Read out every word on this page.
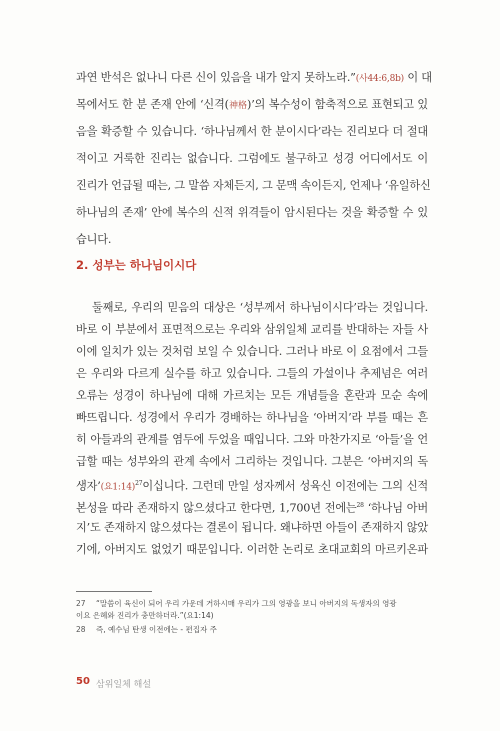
과연 반석은 없나니 다른 신이 있음을 내가 알지 못하노라.”(사44:6,8b) 이 대
목에서도 한 분 존재 안에 ‘신격(神格)’의 복수성이 함축적으로 표현되고 있
음을 확증할 수 있습니다. ‘하나님께서 한 분이시다’라는 진리보다 더 절대
적이고 거룩한 진리는 없습니다. 그럼에도 불구하고 성경 어디에서도 이
진리가 언급될 때는, 그 말씀 자체든지, 그 문맥 속이든지, 언제나 ‘유일하신
하나님의 존재’ 안에 복수의 신적 위격들이 암시된다는 것을 확증할 수 있
습니다.
2. 성부는 하나님이시다
둘째로, 우리의 믿음의 대상은 ‘성부께서 하나님이시다’라는 것입니다.
바로 이 부분에서 표면적으로는 우리와 삼위일체 교리를 반대하는 자들 사
이에 일치가 있는 것처럼 보일 수 있습니다. 그러나 바로 이 요점에서 그들
은 우리와 다르게 실수를 하고 있습니다. 그들의 가설이나 추제넘은 여러
오류는 성경이 하나님에 대해 가르치는 모든 개념들을 혼란과 모순 속에
빠뜨립니다. 성경에서 우리가 경배하는 하나님을 ‘아버지’라 부를 때는 흔
히 아들과의 관계를 염두에 두었을 때입니다. 그와 마찬가지로 ‘아들’을 언
급할 때는 성부와의 관계 속에서 그리하는 것입니다. 그분은 ‘아버지의 독
생자’(요1:14)$^{27}$이십니다. 그런데 만일 성자께서 성육신 이전에는 그의 신적
본성을 따라 존재하지 않으셨다고 한다면, 1,700년 전에는$^{28}$ ‘하나님 아버
지’도 존재하지 않으셨다는 결론이 됩니다. 왜냐하면 아들이 존재하지 않았
기에, 아버지도 없었기 때문입니다. 이러한 논리로 초대교회의 마르키온파
27 “말씀이 육신이 되어 우리 가운데 거하시매 우리가 그의 영광을 보니 아버지의 독생자의 영광
이요 은혜와 진리가 충만하더라.”(요1:14)
28 즉, 예수님 탄생 이전에는 - 편집자 주
50 삼위일체 해설
